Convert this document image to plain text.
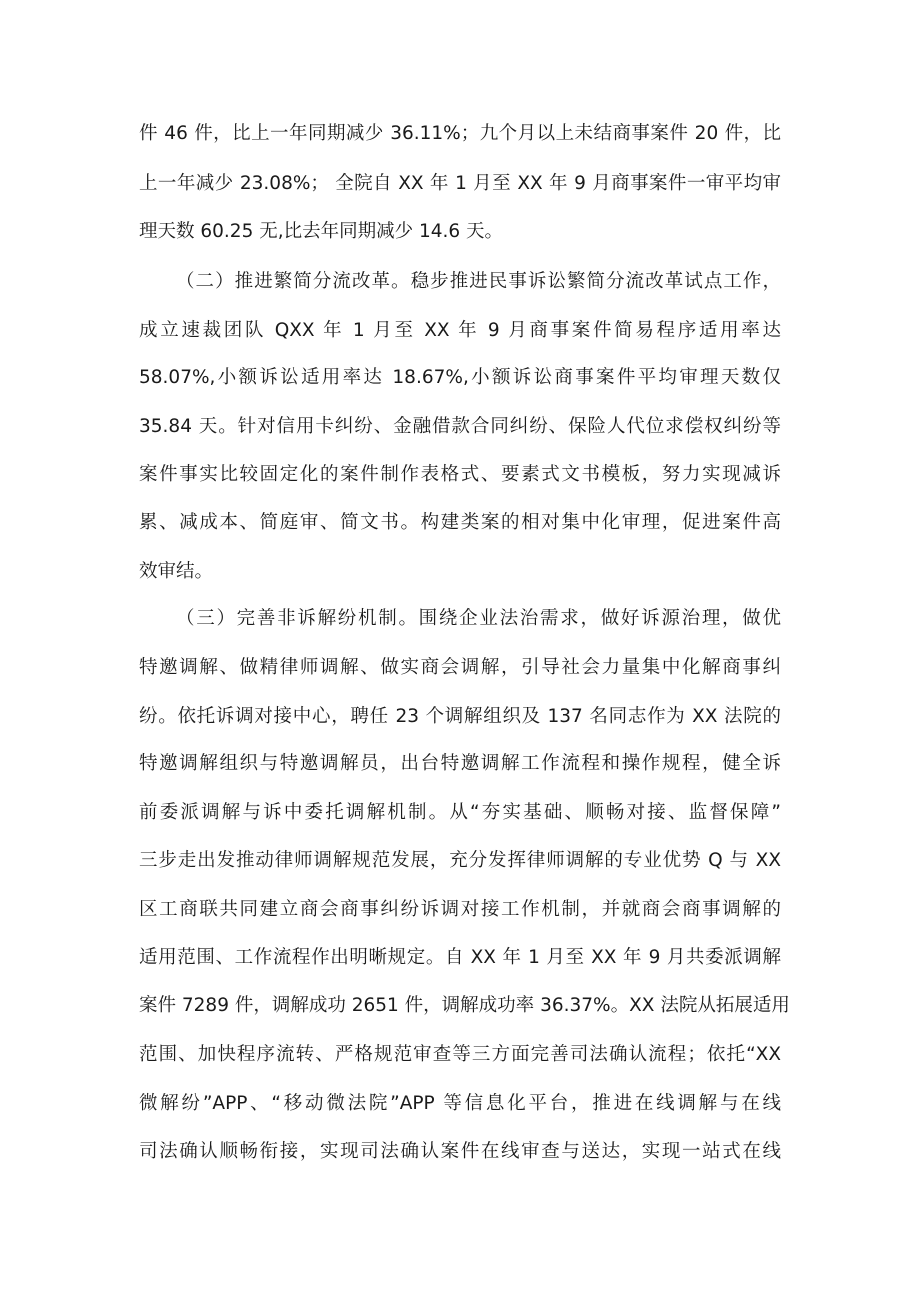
件 46 件，比上一年同期减少 36.11%；九个月以上未结商事案件 20 件，比
上一年减少 23.08%； 全院自 XX 年 1 月至 XX 年 9 月商事案件一审平均审
理天数 60.25 无,比去年同期减少 14.6 天。
（二）推进繁简分流改革。稳步推进民事诉讼繁简分流改革试点工作，
成立速裁团队 QXX 年 1 月至 XX 年 9 月商事案件简易程序适用率达
58.07%,小额诉讼适用率达 18.67%,小额诉讼商事案件平均审理天数仅
35.84 天。针对信用卡纠纷、金融借款合同纠纷、保险人代位求偿权纠纷等
案件事实比较固定化的案件制作表格式、要素式文书模板，努力实现减诉
累、减成本、简庭审、简文书。构建类案的相对集中化审理，促进案件高
效审结。
（三）完善非诉解纷机制。围绕企业法治需求，做好诉源治理，做优
特邀调解、做精律师调解、做实商会调解，引导社会力量集中化解商事纠
纷。依托诉调对接中心，聘任 23 个调解组织及 137 名同志作为 XX 法院的
特邀调解组织与特邀调解员，出台特邀调解工作流程和操作规程，健全诉
前委派调解与诉中委托调解机制。从“夯实基础、顺畅对接、监督保障”
三步走出发推动律师调解规范发展，充分发挥律师调解的专业优势 Q 与 XX
区工商联共同建立商会商事纠纷诉调对接工作机制，并就商会商事调解的
适用范围、工作流程作出明晰规定。自 XX 年 1 月至 XX 年 9 月共委派调解
案件 7289 件，调解成功 2651 件，调解成功率 36.37%。XX 法院从拓展适用
范围、加快程序流转、严格规范审查等三方面完善司法确认流程；依托“XX
微解纷”APP、“移动微法院”APP 等信息化平台，推进在线调解与在线
司法确认顺畅衔接，实现司法确认案件在线审查与送达，实现一站式在线
